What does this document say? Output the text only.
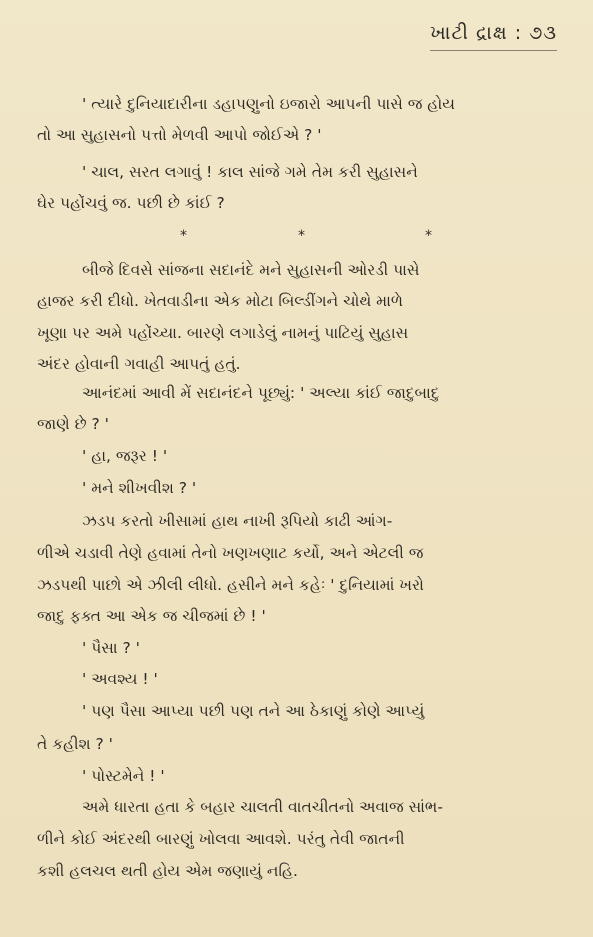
ખાટી દ્રાક્ષ : ૭૩
*	*	*
' ત્યારે દુનિયાદારીના ડહાપણુનો ઇજારો આપની પાસે જ હોય
તો આ સુહાસનો પત્તો મેળવી આપો જોઈએ ? '
' ચાલ, સરત લગાવું ! કાલ સાંજે ગમે તેમ કરી સુહાસને
ઘેર પહોંચવું જ. પછી છે કાંઈ ?
બીજે દિવસે સાંજના સદાનંદે મને સુહાસની ઓરડી પાસે
હાજર કરી દીધો. ખેતવાડીના એક મોટા બિલ્ડીંગને ચોથે માળે
ખૂણા પર અમે પહોંચ્યા. બારણે લગાડેલું નામનું પાટિયું સુહાસ
અંદર હોવાની ગવાહી આપતું હતું.
આનંદમાં આવી મેં સદાનંદને પૂછ્યું: ' અલ્યા કાંઈ જાદુબાદુ
જાણે છે ? '
' હા, જરૂર ! '
' મને શીખવીશ ? '
ઝડપ કરતો ખીસામાં હાથ નાખી રૂપિયો કાઢી આંગ-
ળીએ ચડાવી તેણે હવામાં તેનો ખણખણાટ કર્યો, અને એટલી જ
ઝડપથી પાછો એ ઝીલી લીધો. હસીને મને કહેઃ ' દુનિયામાં ખરો
જાદુ ફક્ત આ એક જ ચીજમાં છે ! '
' પૈસા ? '
' અવશ્ય ! '
' પણ પૈસા આપ્યા પછી પણ તને આ ઠેકાણું કોણે આપ્યું
તે કહીશ ? '
' પોસ્ટમેને ! '
અમે ધારતા હતા કે બહાર ચાલતી વાતચીતનો અવાજ સાંભ-
ળીને કોઈ અંદરથી બારણું ખોલવા આવશે. પરંતુ તેવી જાતની
કશી હલચલ થતી હોય એમ જણાયું નહિ.
